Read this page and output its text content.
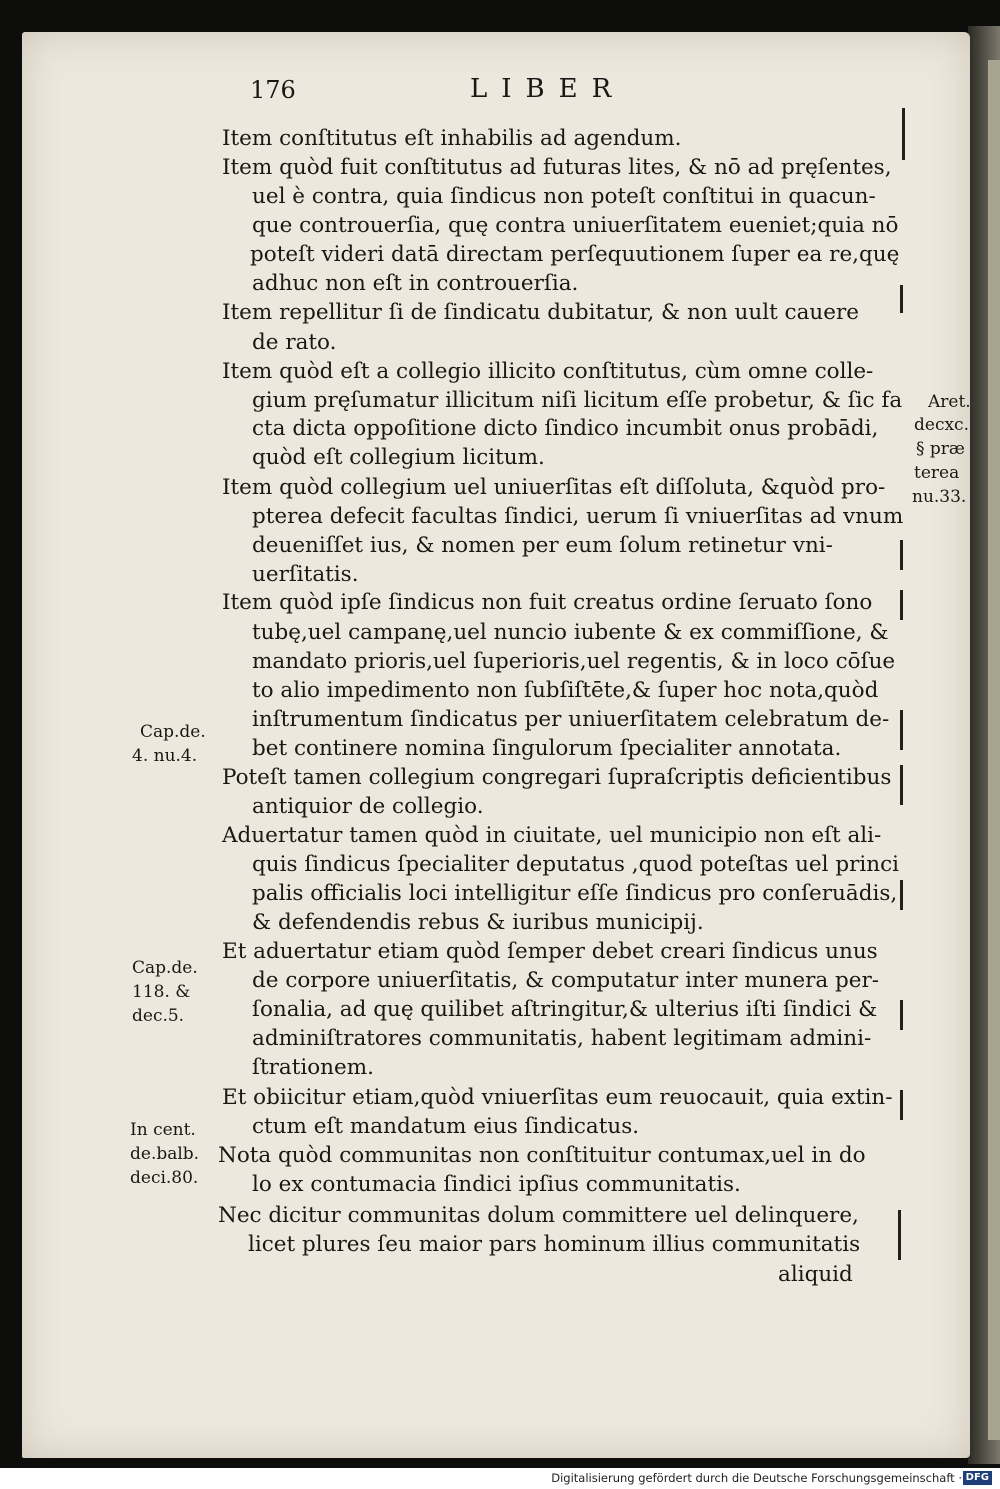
176	LIBER

Item conſtitutus eſt inhabilis ad agendum.

Item quòd fuit conſtitutus ad futuras lites, & nō ad pręſentes,

uel è contra, quia ſindicus non poteſt conſtitui in quacun-

que controuerſia, quę contra uniuerſitatem eueniet;quia nō

poteſt videri datā directam perſequutionem ſuper ea re,quę

adhuc non eſt in controuerſia.

Item repellitur ſi de ſindicatu dubitatur, & non uult cauere

de rato.

Item quòd eſt a collegio illicito conſtitutus, cùm omne colle-

gium pręſumatur illicitum niſi licitum eſſe probetur, & ſic fa

cta dicta oppoſitione dicto ſindico incumbit onus probādi,

quòd eſt collegium licitum.

Item quòd collegium uel uniuerſitas eſt diſſoluta, &quòd pro-

pterea defecit facultas ſindici, uerum ſi vniuerſitas ad vnum

deueniſſet ius, & nomen per eum ſolum retinetur vni-

uerſitatis.

Item quòd ipſe ſindicus non fuit creatus ordine ſeruato ſono

tubę,uel campanę,uel nuncio iubente & ex commiſſione, &

mandato prioris,uel ſuperioris,uel regentis, & in loco cōſue

to alio impedimento non ſubſiſtēte,& ſuper hoc nota,quòd

inſtrumentum ſindicatus per uniuerſitatem celebratum de-

bet continere nomina ſingulorum ſpecialiter annotata.

Poteſt tamen collegium congregari ſupraſcriptis deficientibus

antiquior de collegio.

Aduertatur tamen quòd in ciuitate, uel municipio non eſt ali-

quis ſindicus ſpecialiter deputatus ,quod poteſtas uel princi

palis officialis loci intelligitur eſſe ſindicus pro conſeruādis,

& defendendis rebus & iuribus municipij.

Et aduertatur etiam quòd ſemper debet creari ſindicus unus

de corpore uniuerſitatis, & computatur inter munera per-

ſonalia, ad quę quilibet aſtringitur,& ulterius iſti ſindici &

adminiſtratores communitatis, habent legitimam admini-

ſtrationem.

Et obiicitur etiam,quòd vniuerſitas eum reuocauit, quia extin-

ctum eſt mandatum eius ſindicatus.

Nota quòd communitas non conſtituitur contumax,uel in do

lo ex contumacia ſindici ipſius communitatis.

Nec dicitur communitas dolum committere uel delinquere,

licet plures ſeu maior pars hominum illius communitatis

aliquid

Aret.

decxc.

§ præ

terea

nu.33.

Cap.de.

4. nu.4.

Cap.de.

118. &

dec.5.

In cent.

de.balb.

deci.80.

Digitalisierung gefördert durch die Deutsche Forschungsgemeinschaft · DFG
